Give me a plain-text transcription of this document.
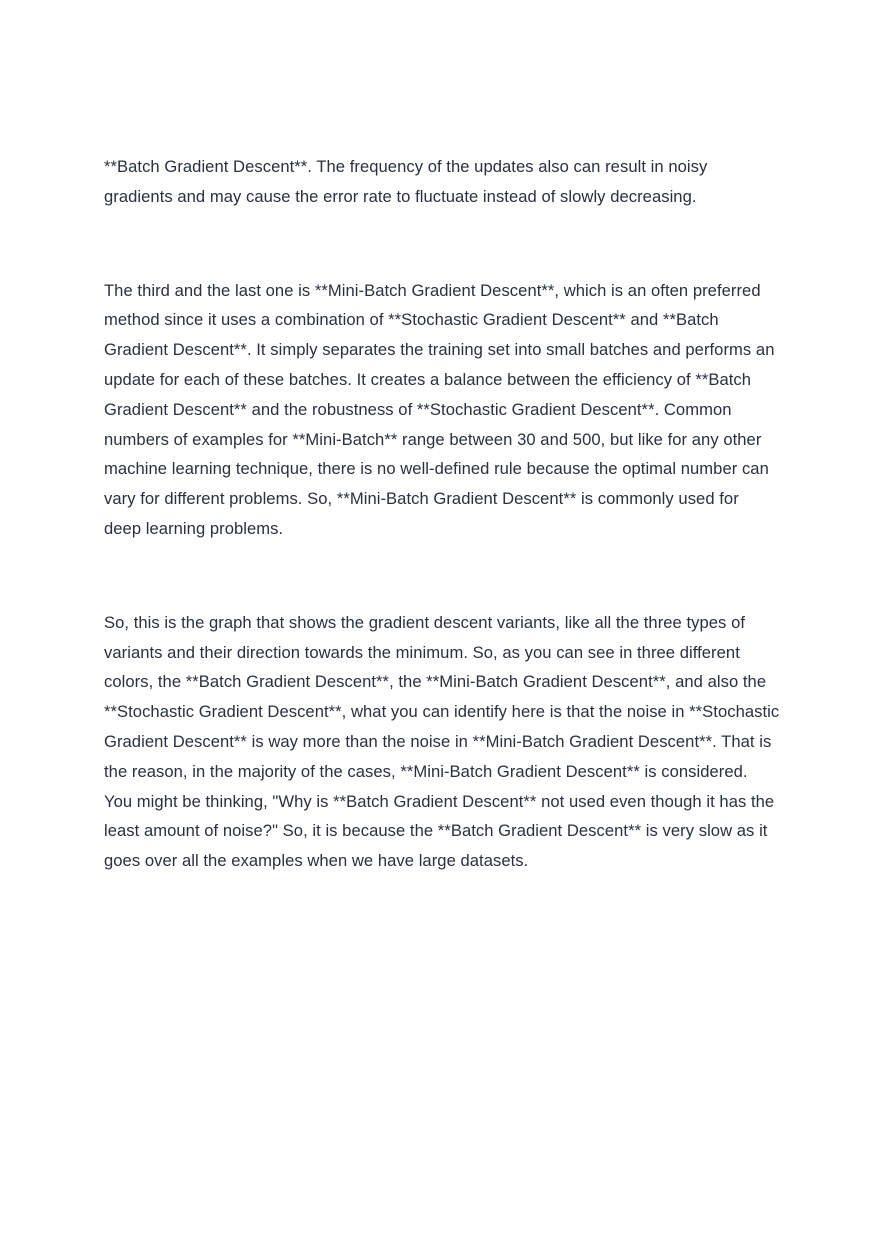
**Batch Gradient Descent**. The frequency of the updates also can result in noisy gradients and may cause the error rate to fluctuate instead of slowly decreasing.

The third and the last one is **Mini-Batch Gradient Descent**, which is an often preferred method since it uses a combination of **Stochastic Gradient Descent** and **Batch Gradient Descent**. It simply separates the training set into small batches and performs an update for each of these batches. It creates a balance between the efficiency of **Batch Gradient Descent** and the robustness of **Stochastic Gradient Descent**. Common numbers of examples for **Mini-Batch** range between 30 and 500, but like for any other machine learning technique, there is no well-defined rule because the optimal number can vary for different problems. So, **Mini-Batch Gradient Descent** is commonly used for deep learning problems.

So, this is the graph that shows the gradient descent variants, like all the three types of variants and their direction towards the minimum. So, as you can see in three different colors, the **Batch Gradient Descent**, the **Mini-Batch Gradient Descent**, and also the **Stochastic Gradient Descent**, what you can identify here is that the noise in **Stochastic Gradient Descent** is way more than the noise in **Mini-Batch Gradient Descent**. That is the reason, in the majority of the cases, **Mini-Batch Gradient Descent** is considered. You might be thinking, "Why is **Batch Gradient Descent** not used even though it has the least amount of noise?" So, it is because the **Batch Gradient Descent** is very slow as it goes over all the examples when we have large datasets.
